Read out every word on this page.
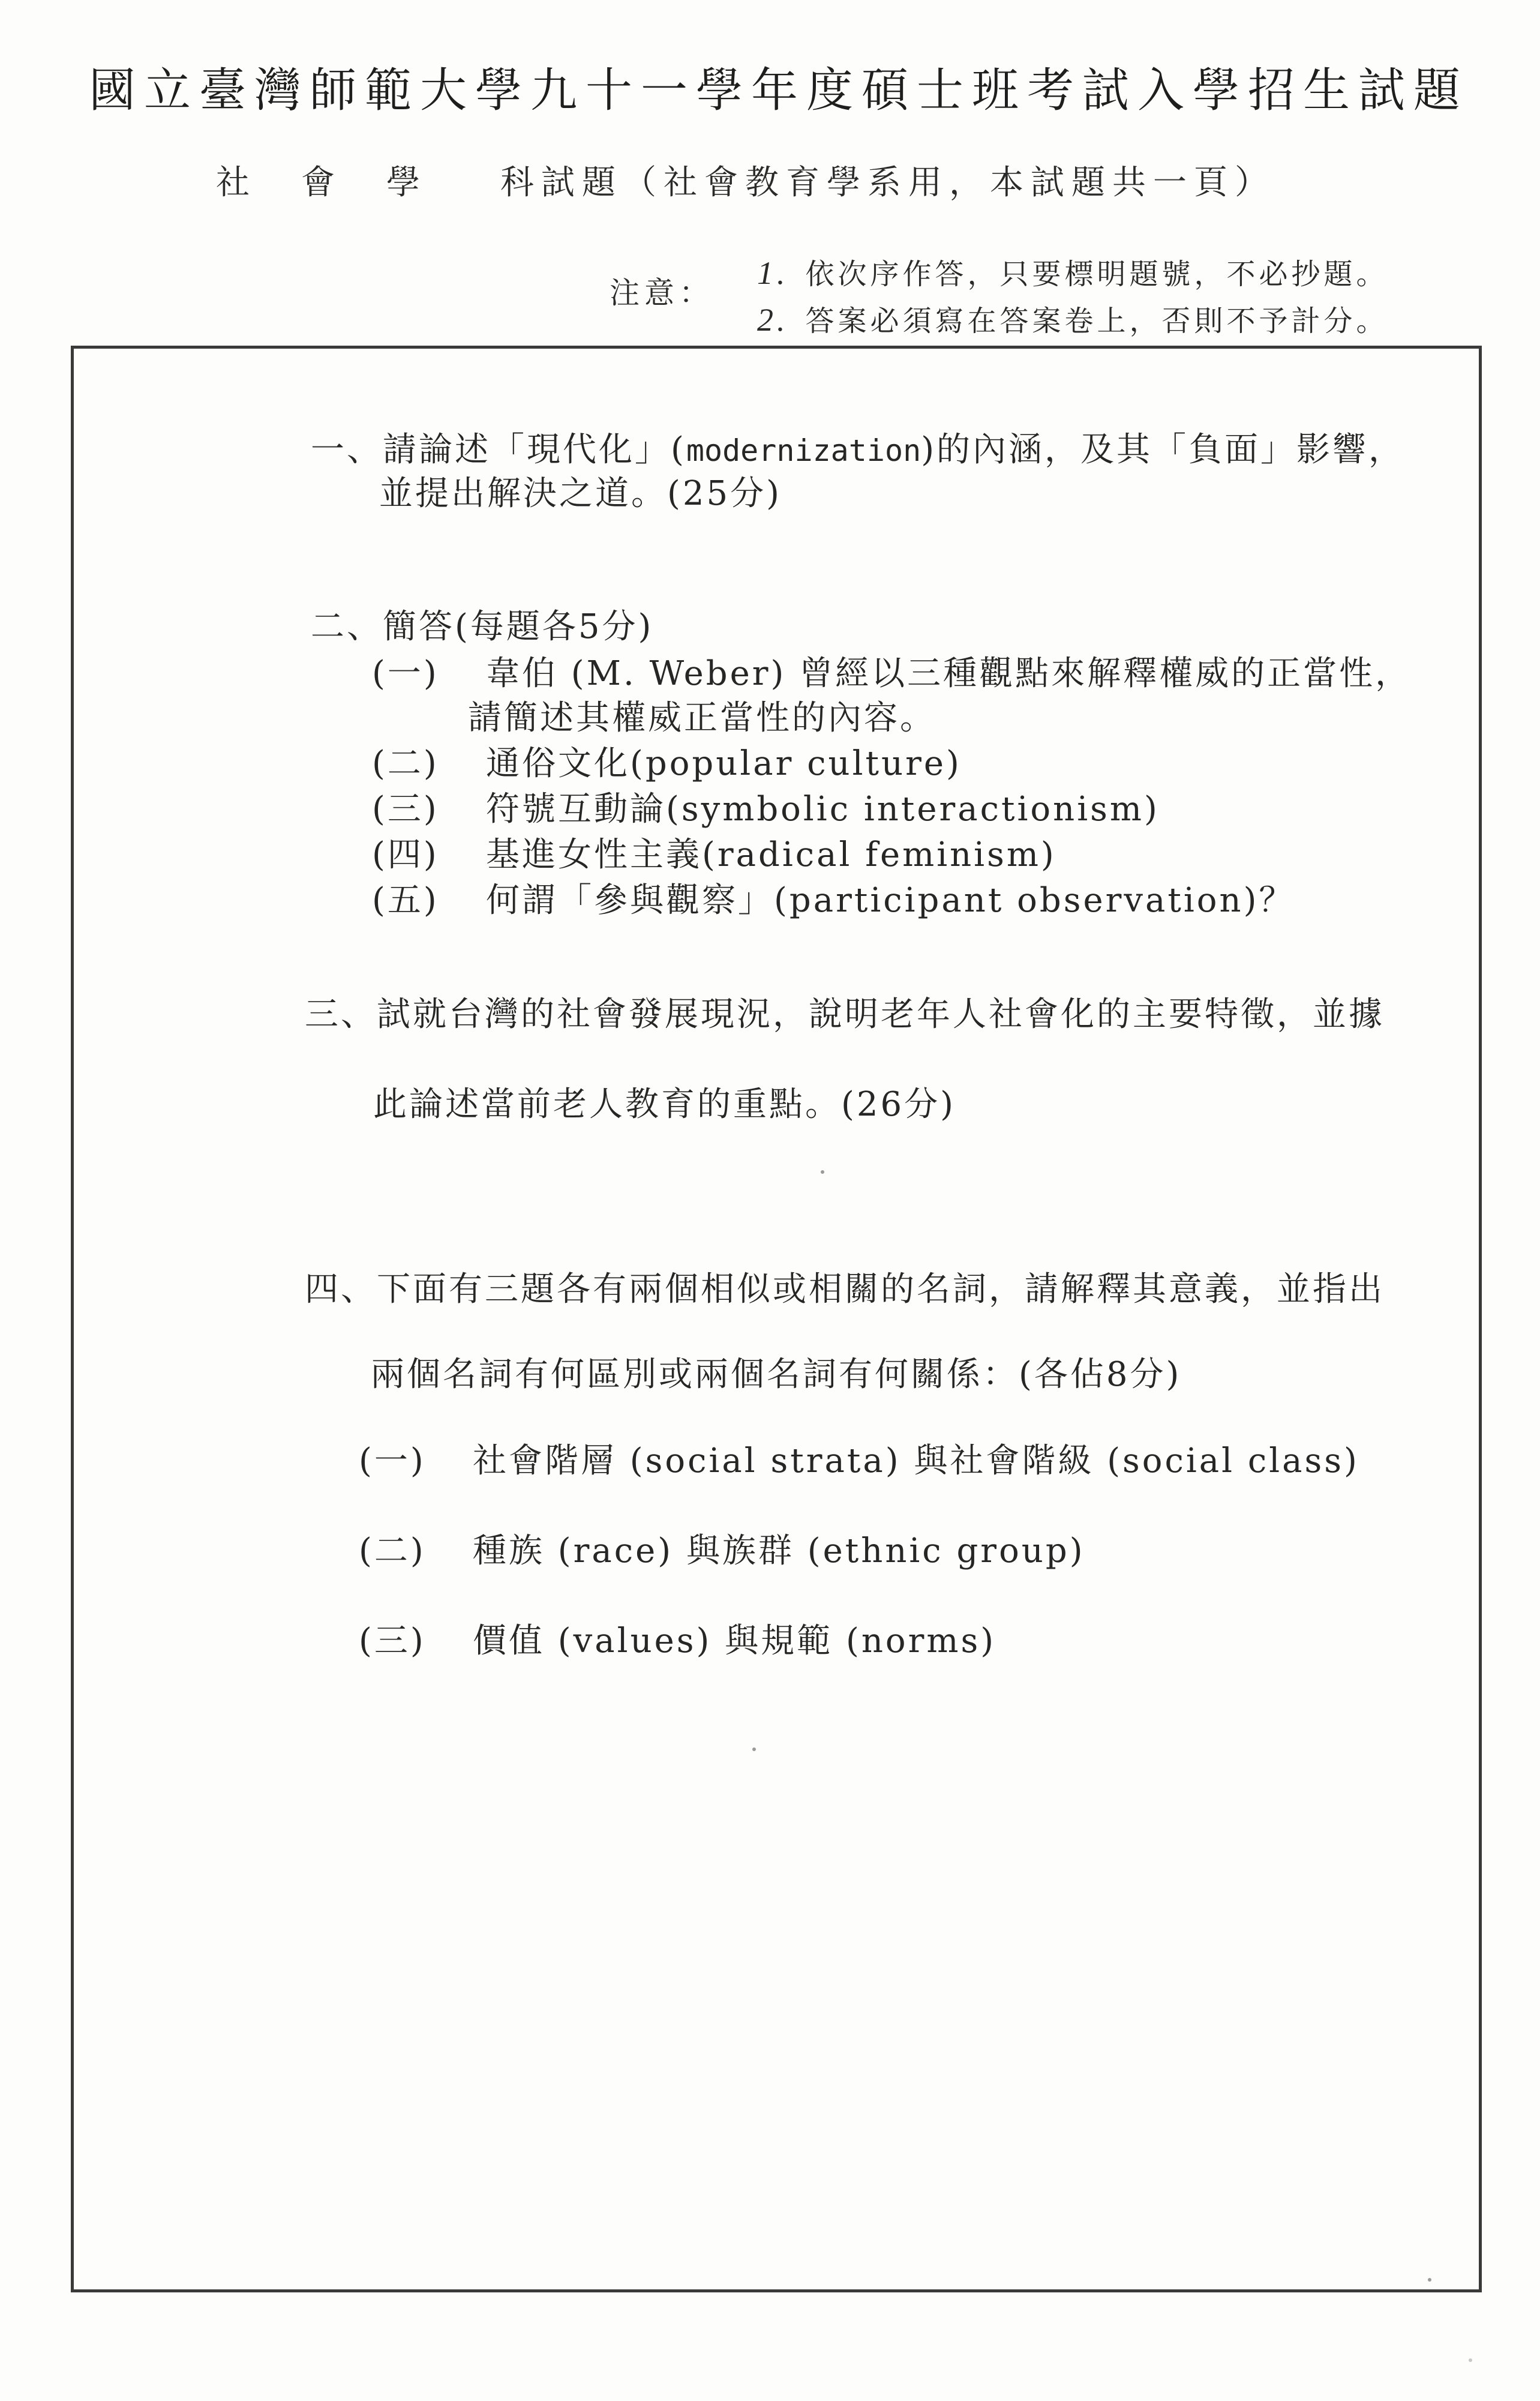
國立臺灣師範大學九十一學年度碩士班考試入學招生試題
社會學 科試題（社會教育學系用，本試題共一頁）
注意：
1. 依次序作答，只要標明題號，不必抄題。
2. 答案必須寫在答案卷上，否則不予計分。
一、請論述「現代化」(modernization)的內涵，及其「負面」影響，
並提出解決之道。(25分)
二、簡答(每題各5分)
(一) 韋伯 (M. Weber) 曾經以三種觀點來解釋權威的正當性，
請簡述其權威正當性的內容。
(二) 通俗文化(popular culture)
(三) 符號互動論(symbolic interactionism)
(四) 基進女性主義(radical feminism)
(五) 何謂「參與觀察」(participant observation)？
三、試就台灣的社會發展現況，說明老年人社會化的主要特徵，並據
此論述當前老人教育的重點。(26分)
四、下面有三題各有兩個相似或相關的名詞，請解釋其意義，並指出
兩個名詞有何區別或兩個名詞有何關係：(各佔8分)
(一) 社會階層 (social strata) 與社會階級 (social class)
(二) 種族 (race) 與族群 (ethnic group)
(三) 價值 (values) 與規範 (norms)
